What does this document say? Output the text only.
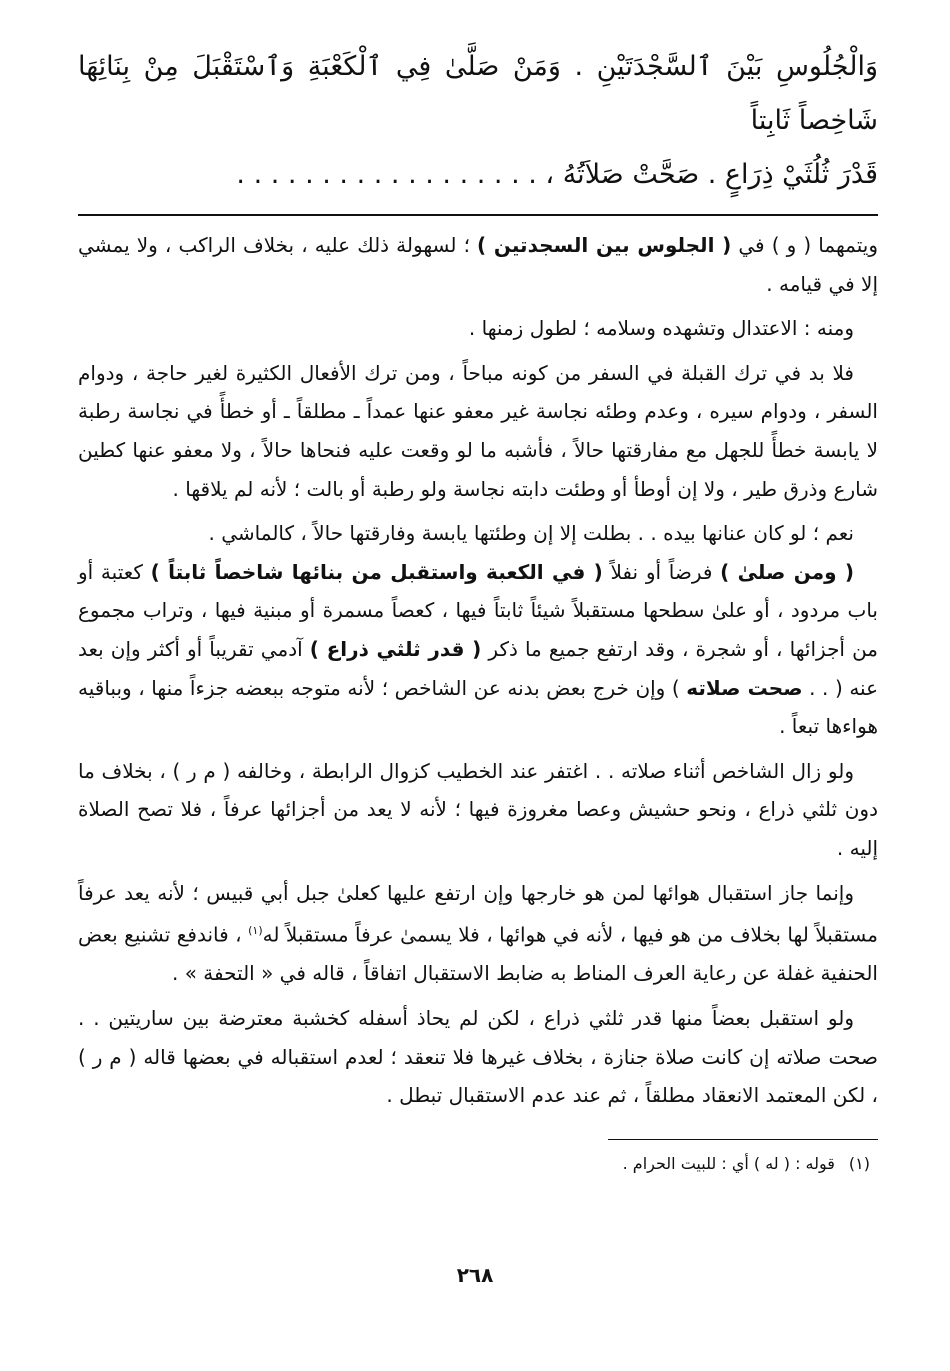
وَالْجُلُوسِ بَيْنَ ٱلسَّجْدَتَيْنِ . وَمَنْ صَلَّىٰ فِي ٱلْكَعْبَةِ وَٱسْتَقْبَلَ مِنْ بِنَائِهَا شَاخِصاً ثَابِتاً
قَدْرَ ثُلُثَيْ ذِرَاعٍ . صَحَّتْ صَلاَتُهُ ، . . . . . . . . . . . . . . . . . .

ويتمهما ( و ) في ( الجلوس بين السجدتين ) ؛ لسهولة ذلك عليه ، بخلاف الراكب ، ولا يمشي إلا في قيامه .

ومنه : الاعتدال وتشهده وسلامه ؛ لطول زمنها .

فلا بد في ترك القبلة في السفر من كونه مباحاً ، ومن ترك الأفعال الكثيرة لغير حاجة ، ودوام السفر ، ودوام سيره ، وعدم وطئه نجاسة غير معفو عنها عمداً ـ مطلقاً ـ أو خطأً في نجاسة رطبة لا يابسة خطأً للجهل مع مفارقتها حالاً ، فأشبه ما لو وقعت عليه فنحاها حالاً ، ولا معفو عنها كطين شارع وذرق طير ، ولا إن أوطأ أو وطئت دابته نجاسة ولو رطبة أو بالت ؛ لأنه لم يلاقها .

نعم ؛ لو كان عنانها بيده . . بطلت إلا إن وطئتها يابسة وفارقتها حالاً ، كالماشي .

( ومن صلىٰ ) فرضاً أو نفلاً ( في الكعبة واستقبل من بنائها شاخصاً ثابتاً ) كعتبة أو باب مردود ، أو علىٰ سطحها مستقبلاً شيئاً ثابتاً فيها ، كعصاً مسمرة أو مبنية فيها ، وتراب مجموع من أجزائها ، أو شجرة ، وقد ارتفع جميع ما ذكر ( قدر ثلثي ذراع ) آدمي تقريباً أو أكثر وإن بعد عنه ( . . صحت صلاته ) وإن خرج بعض بدنه عن الشاخص ؛ لأنه متوجه ببعضه جزءاً منها ، وبباقيه هواءها تبعاً .

ولو زال الشاخص أثناء صلاته . . اغتفر عند الخطيب كزوال الرابطة ، وخالفه ( م ر ) ، بخلاف ما دون ثلثي ذراع ، ونحو حشيش وعصا مغروزة فيها ؛ لأنه لا يعد من أجزائها عرفاً ، فلا تصح الصلاة إليه .

وإنما جاز استقبال هوائها لمن هو خارجها وإن ارتفع عليها كعلىٰ جبل أبي قبيس ؛ لأنه يعد عرفاً مستقبلاً لها بخلاف من هو فيها ، لأنه في هوائها ، فلا يسمىٰ عرفاً مستقبلاً له$^{(١)}$ ، فاندفع تشنيع بعض الحنفية غفلة عن رعاية العرف المناط به ضابط الاستقبال اتفاقاً ، قاله في « التحفة » .

ولو استقبل بعضاً منها قدر ثلثي ذراع ، لكن لم يحاذ أسفله كخشبة معترضة بين ساريتين . . صحت صلاته إن كانت صلاة جنازة ، بخلاف غيرها فلا تنعقد ؛ لعدم استقباله في بعضها قاله ( م ر ) ، لكن المعتمد الانعقاد مطلقاً ، ثم عند عدم الاستقبال تبطل .

(١)قوله : ( له ) أي : للبيت الحرام .
٢٦٨
